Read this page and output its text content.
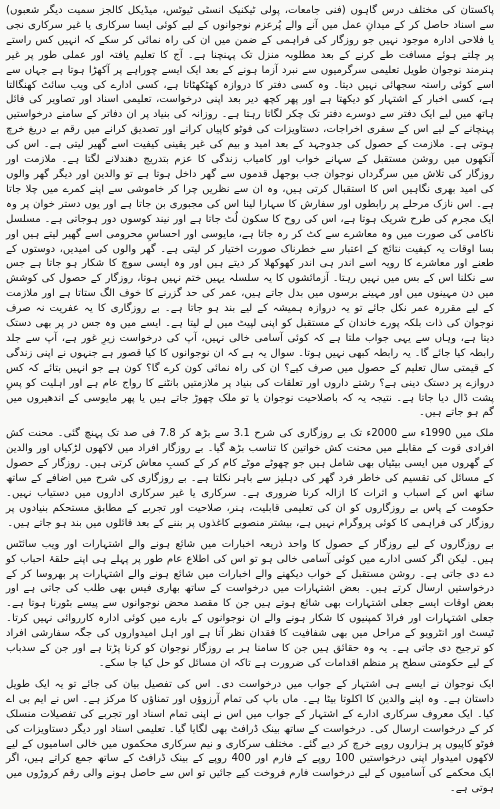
پاکستان کی مختلف درس گاہوں (فنی جامعات، پولی ٹیکنیک انسٹی ٹیوٹس، میڈیکل کالجز سمیت دیگر شعبوں) سے اسناد حاصل کر کے میدانِ عمل میں آنے والے پُرعزم نوجوانوں کے لیے کوئی ایسا سرکاری یا غیر سرکاری نجی یا فلاحی ادارہ موجود نہیں جو روزگار کی فراہمی کے ضمن میں ان کی راہ نمائی کر سکے کہ انہیں کس راستے پر چلتے ہوئے مسافت طے کرنے کے بعد مطلوبہ منزل تک پہنچنا ہے۔ آج کا تعلیم یافتہ اور عملی طور پر غیر ہنرمند نوجوان طویل تعلیمی سرگرمیوں سے نبرد آزما ہونے کے بعد ایک ایسے چوراہے پر آکھڑا ہوتا ہے جہاں سے اسے کوئی راستہ سجھائی نہیں دیتا۔ وہ کسی دفتر کا دروازہ کھٹکھٹاتا ہے، کسی ادارے کی ویب سائٹ کھنگالتا ہے، کسی اخبار کے اشتہار کو دیکھتا ہے اور پھر کچھ دیر بعد اپنی درخواست، تعلیمی اسناد اور تصاویر کی فائل ہاتھ میں لیے ایک دفتر سے دوسرے دفتر تک چکر لگاتا رہتا ہے۔ روزانہ کی بنیاد پر ان دفاتر کے سامنے درخواستیں پہنچانے کے لیے اس کے سفری اخراجات، دستاویزات کی فوٹو کاپیاں کرانے اور تصدیق کرانے میں رقم بے دریغ خرچ ہوتی ہے۔ ملازمت کے حصول کی جدوجہد کے بعد امید و بیم کی غیر یقینی کیفیت اسے گھیر لیتی ہے۔ اس کی آنکھوں میں روشن مستقبل کے سہانے خواب اور کامیاب زندگی کا عزم بتدریج دھندلانے لگتا ہے۔ ملازمت اور روزگار کی تلاش میں سرگرداں نوجوان جب بوجھل قدموں سے گھر داخل ہوتا ہے تو والدین اور دیگر گھر والوں کی امید بھری نگاہیں اس کا استقبال کرتی ہیں، وہ ان سے نظریں چرا کر خاموشی سے اپنے کمرے میں چلا جاتا ہے۔ اس نازک مرحلے پر رابطوں اور سفارش کا سہارا لینا اس کی مجبوری بن جاتا ہے اور یوں دستر خوان پر وہ ایک مجرم کی طرح شریک ہوتا ہے، اس کی روح کا سکون لُٹ جاتا ہے اور نیند کوسوں دور ہوجاتی ہے۔ مسلسل ناکامی کی صورت میں وہ معاشرے سے کٹ کر رہ جاتا ہے، مایوسی اور احساسِ محرومی اسے گھیر لیتے ہیں اور بسا اوقات یہ کیفیت نتائج کے اعتبار سے خطرناک صورت اختیار کر لیتی ہے۔ گھر والوں کی امیدیں، دوستوں کے طعنے اور معاشرے کا رویہ اسے اندر ہی اندر کھوکھلا کر دیتے ہیں اور وہ ایسی سوچ کا شکار ہو جاتا ہے جس سے نکلنا اس کے بس میں نہیں رہتا۔ آزمائشوں کا یہ سلسلہ یہیں ختم نہیں ہوتا، روزگار کے حصول کی کوشش میں دن مہینوں میں اور مہینے برسوں میں بدل جاتے ہیں، عمر کی حد گزرنے کا خوف الگ ستاتا ہے اور ملازمت کے لیے مقررہ عمر نکل جائے تو یہ دروازہ ہمیشہ کے لیے بند ہو جاتا ہے۔ بے روزگاری کا یہ عفریت نہ صرف نوجوان کی ذات بلکہ پورے خاندان کے مستقبل کو اپنی لپیٹ میں لے لیتا ہے۔ ایسے میں وہ جس در پر بھی دستک دیتا ہے، وہاں سے یہی جواب ملتا ہے کہ کوئی آسامی خالی نہیں، آپ کی درخواست زیرِ غور ہے، آپ سے جلد رابطہ کیا جائے گا۔ یہ رابطہ کبھی نہیں ہوتا۔ سوال یہ ہے کہ ان نوجوانوں کا کیا قصور ہے جنہوں نے اپنی زندگی کے قیمتی سال تعلیم کے حصول میں صرف کیے؟ ان کی راہ نمائی کون کرے گا؟ کون ہے جو انہیں بتائے کہ کس دروازے پر دستک دینی ہے؟ رشتے داروں اور تعلقات کی بنیاد پر ملازمتیں بانٹنے کا رواج عام ہے اور اہلیت کو پسِ پشت ڈال دیا جاتا ہے۔ نتیجہ یہ کہ باصلاحیت نوجوان یا تو ملک چھوڑ جاتے ہیں یا پھر مایوسی کے اندھیروں میں گم ہو جاتے ہیں۔

ملک میں 1990ء سے 2000ء تک بے روزگاری کی شرح 3.1 سے بڑھ کر 7.8 فی صد تک پہنچ گئی۔ محنت کش افرادی قوت کے مقابلے میں محنت کش خواتین کا تناسب بڑھ گیا۔ بے روزگار افراد میں لاکھوں لڑکیاں اور والدین کے گھروں میں ایسی بیٹیاں بھی شامل ہیں جو چھوٹے موٹے کام کر کے کسبِ معاش کرتی ہیں۔ روزگار کے حصول کے مسائل کی تقسیم کی خاطر فرد گھر کی دہلیز سے باہر نکلتا ہے۔ بے روزگاری کی شرح میں اضافے کے ساتھ ساتھ اس کے اسباب و اثرات کا ازالہ کرنا ضروری ہے۔ سرکاری یا غیر سرکاری اداروں میں دستیاب نہیں۔ حکومت کے پاس بے روزگاروں کو ان کی تعلیمی قابلیت، ہنر، صلاحیت اور تجربے کے مطابق مستحکم بنیادوں پر روزگار کی فراہمی کا کوئی پروگرام نہیں ہے، بیشتر منصوبے کاغذوں پر بننے کے بعد فائلوں میں بند ہو جاتے ہیں۔

بے روزگاروں کے لیے روزگار کے حصول کا واحد ذریعہ اخبارات میں شائع ہونے والے اشتہارات اور ویب سائٹس ہیں۔ لیکن اگر کسی ادارے میں کوئی آسامی خالی ہو تو اس کی اطلاع عام طور پر پہلے ہی اپنے حلقۂ احباب کو دے دی جاتی ہے۔ روشن مستقبل کے خواب دیکھنے والے اخبارات میں شائع ہونے والے اشتہارات پر بھروسا کر کے درخواستیں ارسال کرتے ہیں۔ بعض اشتہارات میں درخواست کے ساتھ بھاری فیس بھی طلب کی جاتی ہے اور بعض اوقات ایسے جعلی اشتہارات بھی شائع ہوتے ہیں جن کا مقصد محض نوجوانوں سے پیسے بٹورنا ہوتا ہے۔ جعلی اشتہارات اور فراڈ کمپنیوں کا شکار ہونے والے ان نوجوانوں کے بارے میں کوئی ادارہ کارروائی نہیں کرتا۔ ٹیسٹ اور انٹرویو کے مراحل میں بھی شفافیت کا فقدان نظر آتا ہے اور اہل امیدواروں کی جگہ سفارشی افراد کو ترجیح دی جاتی ہے۔ یہ وہ حقائق ہیں جن کا سامنا ہر بے روزگار نوجوان کو کرنا پڑتا ہے اور جن کے سدباب کے لیے حکومتی سطح پر منظم اقدامات کی ضرورت ہے تاکہ ان مسائل کو حل کیا جا سکے۔

ایک نوجوان نے ایسے ہی اشتہار کے جواب میں درخواست دی۔ اس کی تفصیل بیان کی جائے تو یہ ایک طویل داستان ہے۔ وہ اپنے والدین کا اکلوتا بیٹا ہے۔ ماں باپ کی تمام آرزوؤں اور تمناؤں کا مرکز ہے۔ اس نے ایم بی اے کیا۔ ایک معروف سرکاری ادارے کے اشتہار کے جواب میں اس نے اپنی تمام اسناد اور تجربے کی تفصیلات منسلک کر کے درخواست ارسال کی۔ درخواست کے ساتھ بینک ڈرافٹ بھی لگایا گیا۔ تعلیمی اسناد اور دیگر دستاویزات کی فوٹو کاپیوں پر ہزاروں روپے خرچ کر دیے گئے۔ مختلف سرکاری و نیم سرکاری محکموں میں خالی اسامیوں کے لیے لاکھوں امیدوار اپنی درخواستیں 100 روپے کے فارم اور 400 روپے کے بینک ڈرافٹ کے ساتھ جمع کراتے ہیں، اگر ایک محکمے کی آسامیوں کے لیے درخواست فارم فروخت کیے جائیں تو اس سے حاصل ہونے والی رقم کروڑوں میں ہوتی ہے۔
